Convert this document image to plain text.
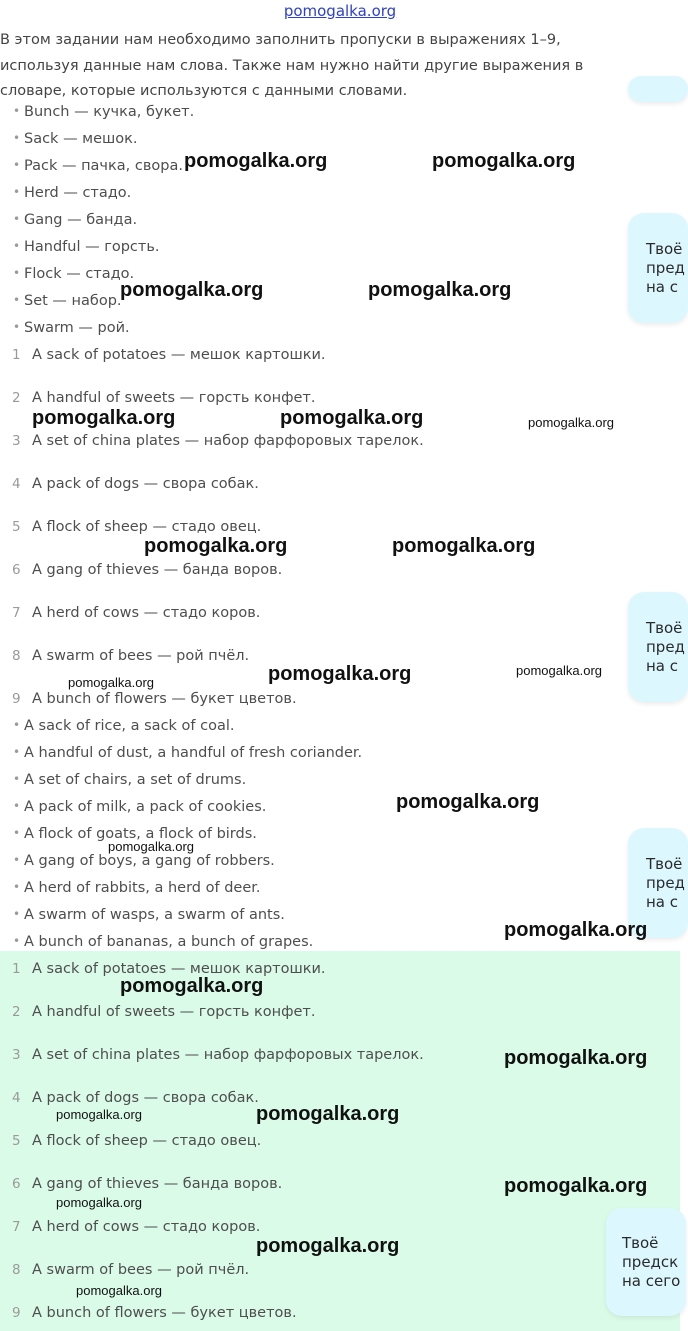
pomogalka.org
В этом задании нам необходимо заполнить пропуски в выражениях 1–9, используя данные нам слова. Также нам нужно найти другие выражения в словаре, которые используются с данными словами.
• Bunch — кучка, букет.
• Sack — мешок.
• Pack — пачка, свора.
• Herd — стадо.
• Gang — банда.
• Handful — горсть.
• Flock — стадо.
• Set — набор.
• Swarm — рой.
1 A sack of potatoes — мешок картошки.
2 A handful of sweets — горсть конфет.
3 A set of china plates — набор фарфоровых тарелок.
4 A pack of dogs — свора собак.
5 A flock of sheep — стадо овец.
6 A gang of thieves — банда воров.
7 A herd of cows — стадо коров.
8 A swarm of bees — рой пчёл.
9 A bunch of flowers — букет цветов.
• A sack of rice, a sack of coal.
• A handful of dust, a handful of fresh coriander.
• A set of chairs, a set of drums.
• A pack of milk, a pack of cookies.
• A flock of goats, a flock of birds.
• A gang of boys, a gang of robbers.
• A herd of rabbits, a herd of deer.
• A swarm of wasps, a swarm of ants.
• A bunch of bananas, a bunch of grapes.
1 A sack of potatoes — мешок картошки.
2 A handful of sweets — горсть конфет.
3 A set of china plates — набор фарфоровых тарелок.
4 A pack of dogs — свора собак.
5 A flock of sheep — стадо овец.
6 A gang of thieves — банда воров.
7 A herd of cows — стадо коров.
8 A swarm of bees — рой пчёл.
9 A bunch of flowers — букет цветов.
Твоё
пред
на с
Твоё
пред
на с
Твоё
пред
на с
Твоё
предск
на сего
pomogalka.org	pomogalka.org
pomogalka.org	pomogalka.org
pomogalka.org	pomogalka.org	pomogalka.org
pomogalka.org	pomogalka.org
pomogalka.org	pomogalka.org
pomogalka.org
pomogalka.org
pomogalka.org
pomogalka.org
pomogalka.org
pomogalka.org
pomogalka.org	pomogalka.org
pomogalka.org
pomogalka.org
pomogalka.org
pomogalka.org
